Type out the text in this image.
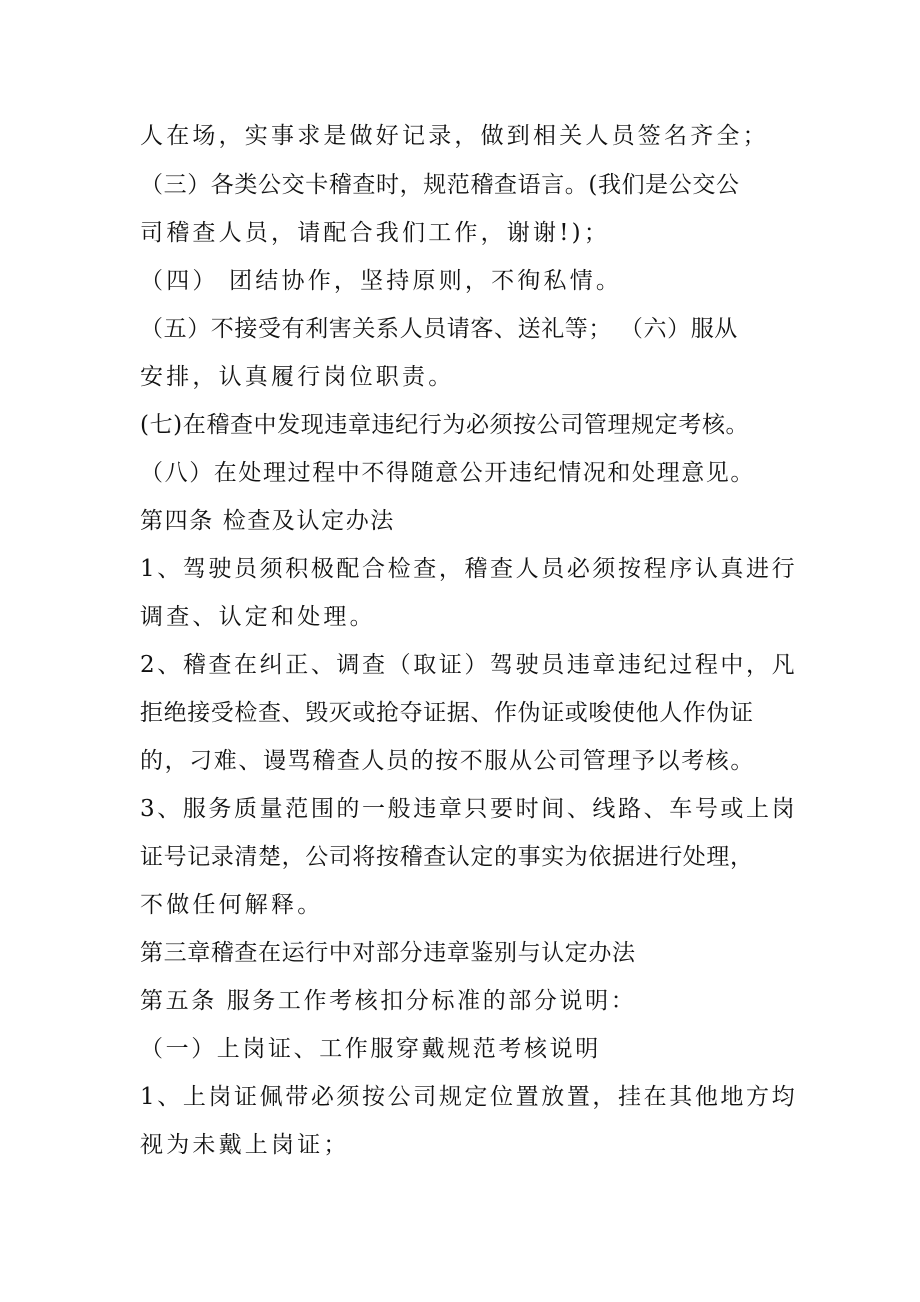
人在场，实事求是做好记录，做到相关人员签名齐全；
（三）各类公交卡稽查时，规范稽查语言。(我们是公交公
司稽查人员，请配合我们工作，谢谢!)；
（四） 团结协作，坚持原则，不徇私情。
（五）不接受有利害关系人员请客、送礼等； （六）服从
安排，认真履行岗位职责。
(七)在稽查中发现违章违纪行为必须按公司管理规定考核。
（八）在处理过程中不得随意公开违纪情况和处理意见。
第四条 检查及认定办法
1、驾驶员须积极配合检查，稽查人员必须按程序认真进行
调查、认定和处理。
2、稽查在纠正、调查（取证）驾驶员违章违纪过程中，凡
拒绝接受检查、毁灭或抢夺证据、作伪证或唆使他人作伪证
的，刁难、谩骂稽查人员的按不服从公司管理予以考核。
3、服务质量范围的一般违章只要时间、线路、车号或上岗
证号记录清楚，公司将按稽查认定的事实为依据进行处理，
不做任何解释。
第三章稽查在运行中对部分违章鉴别与认定办法
第五条 服务工作考核扣分标准的部分说明：
（一）上岗证、工作服穿戴规范考核说明
1、上岗证佩带必须按公司规定位置放置，挂在其他地方均
视为未戴上岗证；
